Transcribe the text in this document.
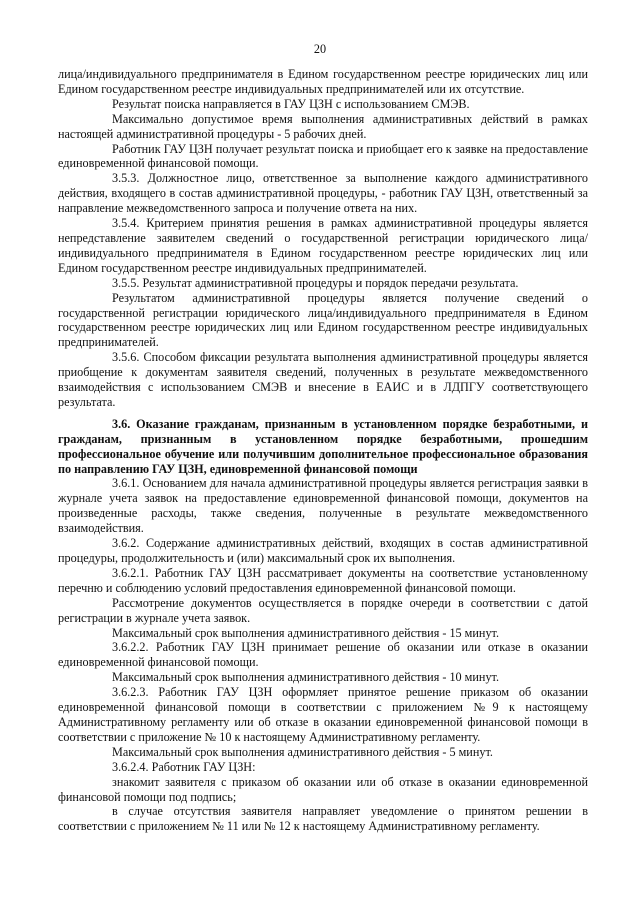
20

лица/индивидуального предпринимателя в Едином государственном реестре юридических лиц или Едином государственном реестре индивидуальных предпринимателей или их отсутствие.

Результат поиска направляется в ГАУ ЦЗН с использованием СМЭВ.

Максимально допустимое время выполнения административных действий в рамках настоящей административной процедуры - 5 рабочих дней.

Работник ГАУ ЦЗН получает результат поиска и приобщает его к заявке на предоставление единовременной финансовой помощи.

3.5.3. Должностное лицо, ответственное за выполнение каждого административного действия, входящего в состав административной процедуры, - работник ГАУ ЦЗН, ответственный за направление межведомственного запроса и получение ответа на них.

3.5.4. Критерием принятия решения в рамках административной процедуры является непредставление заявителем сведений о государственной регистрации юридического лица/индивидуального предпринимателя в Едином государственном реестре юридических лиц или Едином государственном реестре индивидуальных предпринимателей.

3.5.5. Результат административной процедуры и порядок передачи результата.

Результатом административной процедуры является получение сведений о государственной регистрации юридического лица/индивидуального предпринимателя в Едином государственном реестре юридических лиц или Едином государственном реестре индивидуальных предпринимателей.

3.5.6. Способом фиксации результата выполнения административной процедуры является приобщение к документам заявителя сведений, полученных в результате межведомственного взаимодействия с использованием СМЭВ и внесение в ЕАИС и в ЛДПГУ соответствующего результата.

3.6. Оказание гражданам, признанным в установленном порядке безработными, и гражданам, признанным в установленном порядке безработными, прошедшим профессиональное обучение или получившим дополнительное профессиональное образования по направлению ГАУ ЦЗН, единовременной финансовой помощи

3.6.1. Основанием для начала административной процедуры является регистрация заявки в журнале учета заявок на предоставление единовременной финансовой помощи, документов на произведенные расходы, также сведения, полученные в результате межведомственного взаимодействия.

3.6.2. Содержание административных действий, входящих в состав административной процедуры, продолжительность и (или) максимальный срок их выполнения.

3.6.2.1. Работник ГАУ ЦЗН рассматривает документы на соответствие установленному перечню и соблюдению условий предоставления единовременной финансовой помощи.

Рассмотрение документов осуществляется в порядке очереди в соответствии с датой регистрации в журнале учета заявок.

Максимальный срок выполнения административного действия - 15 минут.

3.6.2.2. Работник ГАУ ЦЗН принимает решение об оказании или отказе в оказании единовременной финансовой помощи.

Максимальный срок выполнения административного действия - 10 минут.

3.6.2.3. Работник ГАУ ЦЗН оформляет принятое решение приказом об оказании единовременной финансовой помощи в соответствии с приложением №9 к настоящему Административному регламенту или об отказе в оказании единовременной финансовой помощи в соответствии с приложение № 10 к настоящему Административному регламенту.

Максимальный срок выполнения административного действия - 5 минут.

3.6.2.4. Работник ГАУ ЦЗН:

знакомит заявителя с приказом об оказании или об отказе в оказании единовременной финансовой помощи под подпись;

в случае отсутствия заявителя направляет уведомление о принятом решении в соответствии с приложением № 11 или № 12 к настоящему Административному регламенту.
